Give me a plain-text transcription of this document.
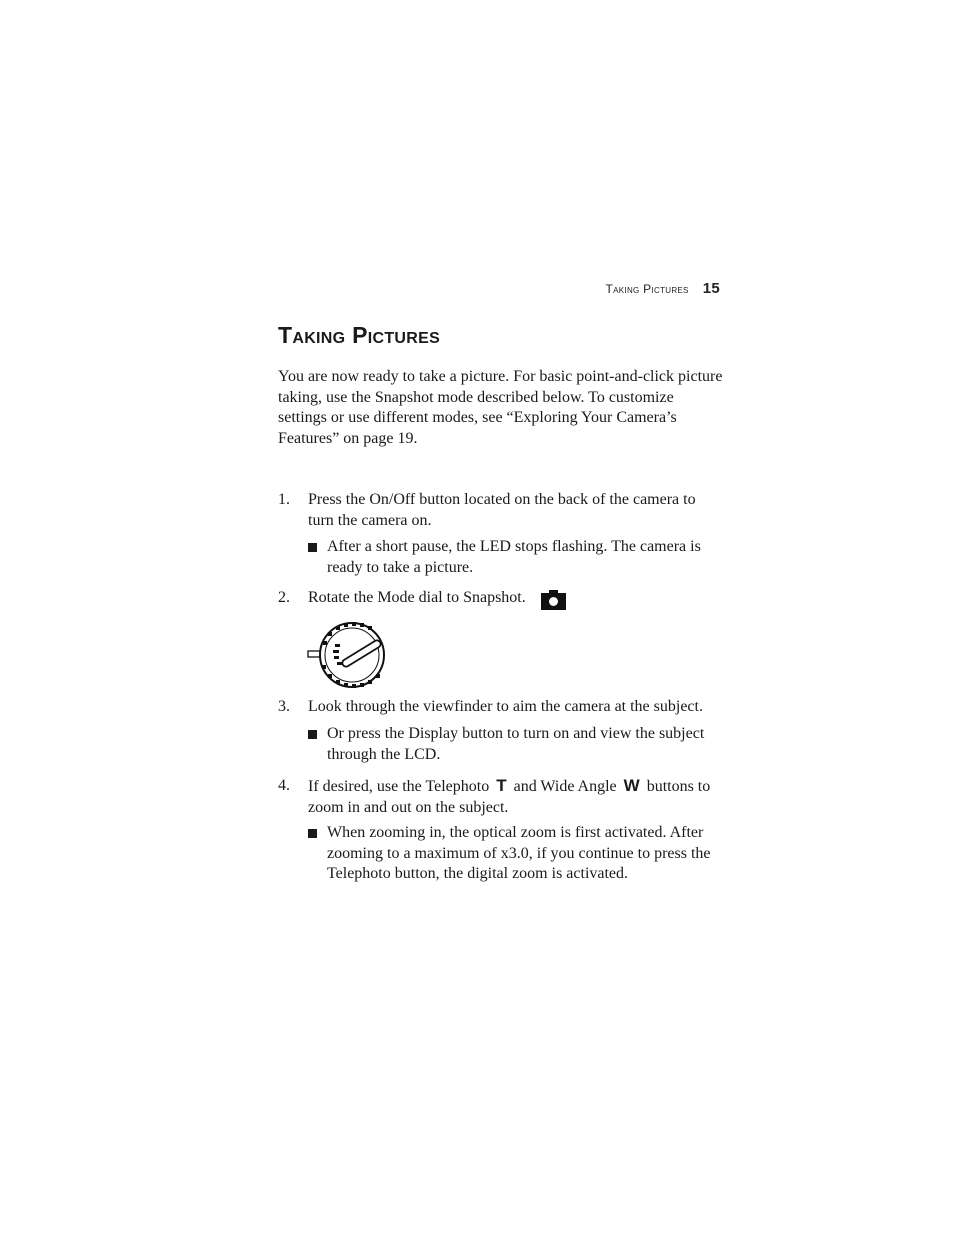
Taking Pictures 15
Taking Pictures

You are now ready to take a picture. For basic point-and-click picture taking, use the Snapshot mode described below. To customize settings or use different modes, see “Exploring Your Camera’s Features” on page 19.

1. Press the On/Off button located on the back of the camera to turn the camera on.
After a short pause, the LED stops flashing. The camera is ready to take a picture.
2. Rotate the Mode dial to Snapshot.
3. Look through the viewfinder to aim the camera at the subject.
Or press the Display button to turn on and view the subject through the LCD.
4. If desired, use the Telephoto T and Wide Angle W buttons to zoom in and out on the subject.
When zooming in, the optical zoom is first activated. After zooming to a maximum of x3.0, if you continue to press the Telephoto button, the digital zoom is activated.
